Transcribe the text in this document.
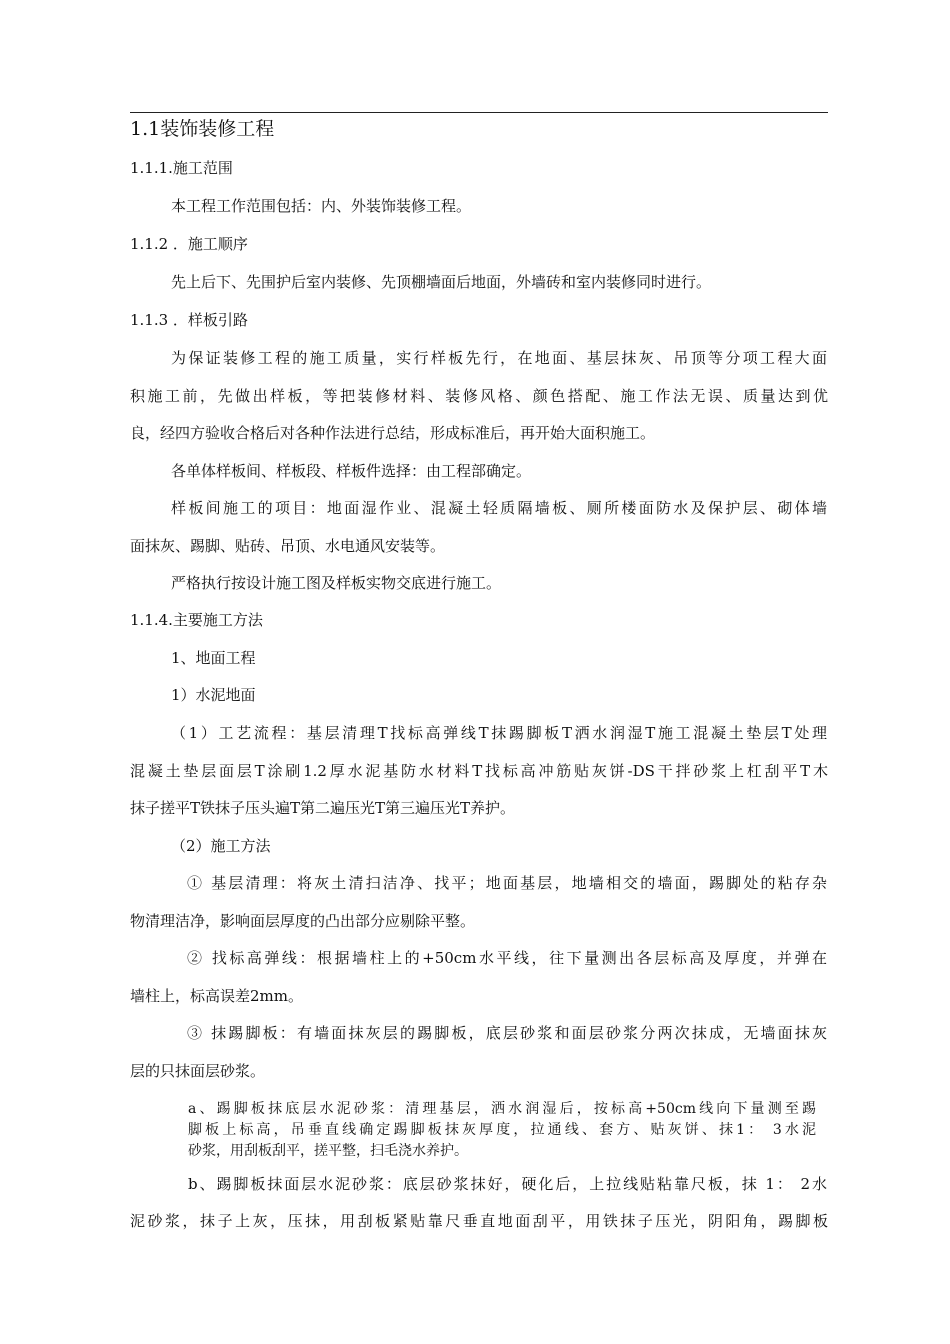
1.1装饰装修工程
1.1.1.施工范围
本工程工作范围包括：内、外装饰装修工程。
1.1.2 ．施工顺序
先上后下、先围护后室内装修、先顶棚墙面后地面，外墙砖和室内装修同时进行。
1.1.3 ．样板引路
为保证装修工程的施工质量，实行样板先行，在地面、基层抹灰、吊顶等分项工程大面
积施工前，先做出样板，等把装修材料、装修风格、颜色搭配、施工作法无误、质量达到优
良，经四方验收合格后对各种作法进行总结，形成标准后，再开始大面积施工。
各单体样板间、样板段、样板件选择：由工程部确定。
样板间施工的项目：地面湿作业、混凝土轻质隔墙板、厕所楼面防水及保护层、砌体墙
面抹灰、踢脚、贴砖、吊顶、水电通风安装等。
严格执行按设计施工图及样板实物交底进行施工。
1.1.4.主要施工方法
1、地面工程
1）水泥地面
（1）工艺流程：基层清理T找标高弹线T抹踢脚板T洒水润湿T施工混凝土垫层T处理
混凝土垫层面层T涂刷1.2厚水泥基防水材料T找标高冲筋贴灰饼-DS干拌砂浆上杠刮平T木
抹子搓平T铁抹子压头遍T第二遍压光T第三遍压光T养护。
（2）施工方法
① 基层清理：将灰土清扫洁净、找平；地面基层，地墙相交的墙面，踢脚处的粘存杂
物清理洁净，影响面层厚度的凸出部分应剔除平整。
② 找标高弹线：根据墙柱上的+50cm水平线，往下量测出各层标高及厚度，并弹在
墙柱上，标高误差2mm。
③ 抹踢脚板：有墙面抹灰层的踢脚板，底层砂浆和面层砂浆分两次抹成，无墙面抹灰
层的只抹面层砂浆。
a、踢脚板抹底层水泥砂浆：清理基层，洒水润湿后，按标高+50cm线向下量测至踢
脚板上标高，吊垂直线确定踢脚板抹灰厚度，拉通线、套方、贴灰饼、抹1： 3水泥
砂浆，用刮板刮平，搓平整，扫毛浇水养护。
b、踢脚板抹面层水泥砂浆：底层砂浆抹好，硬化后，上拉线贴粘靠尺板，抹 1： 2水
泥砂浆，抹子上灰，压抹，用刮板紧贴靠尺垂直地面刮平，用铁抹子压光，阴阳角，踢脚板
